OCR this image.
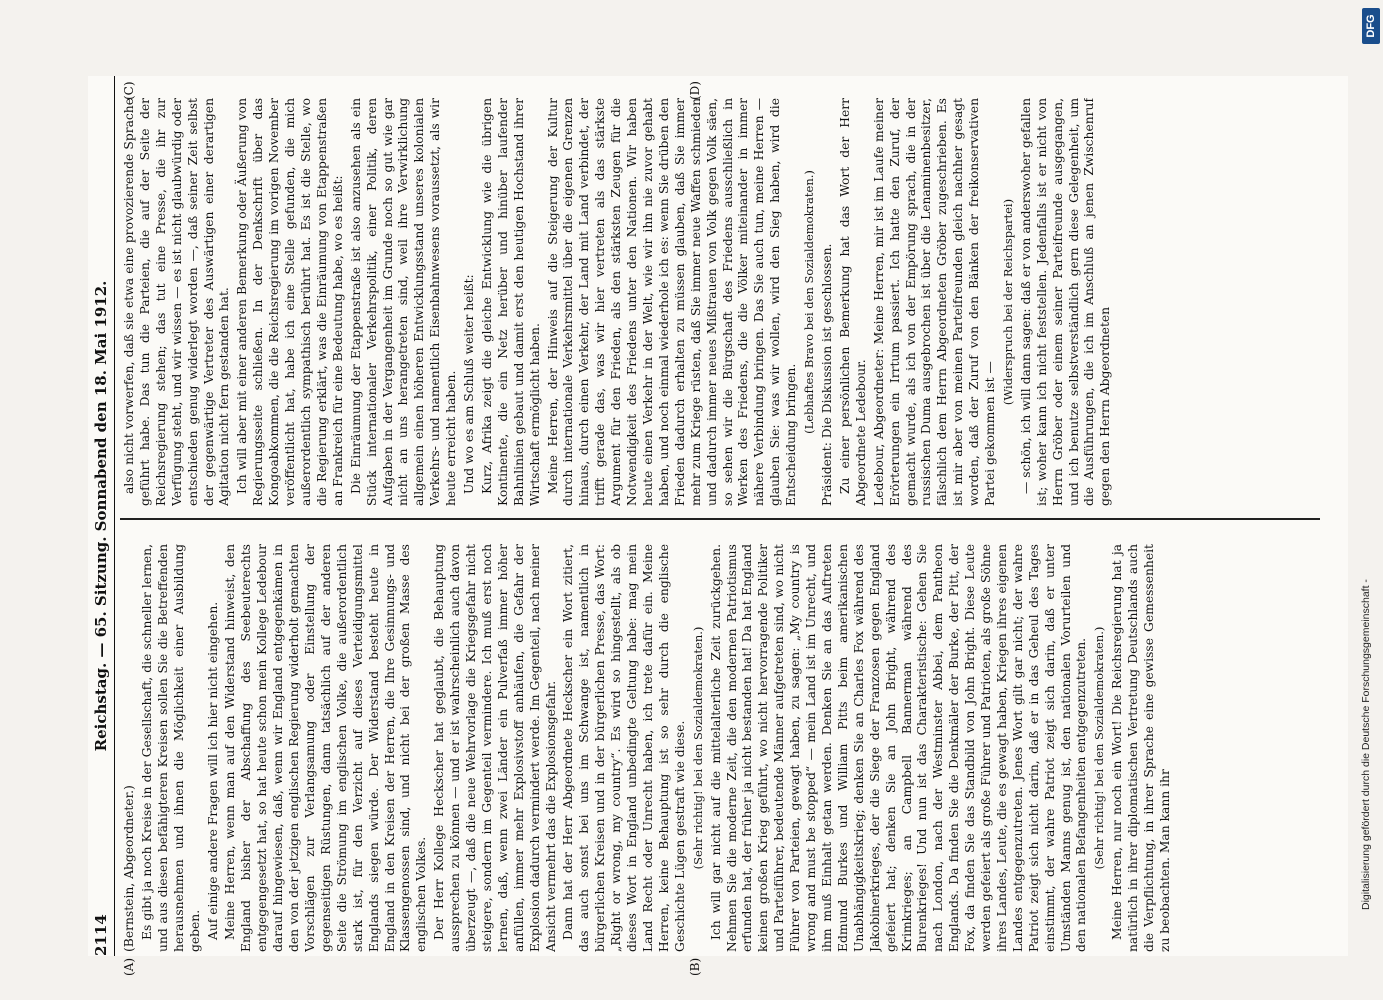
2114
Reichstag. — 65. Sitzung. Sonnabend den 18. Mai 1912.
(A)	(B)
(C)	(D)

(Bernstein, Abgeordneter.) Es gibt ja noch Kreise in der Gesellschaft, die schneller lernen, und aus diesen befähigteren Kreisen sollen Sie die Betreffenden herausnehmen und ihnen die Möglichkeit einer Ausbildung geben. Auf einige andere Fragen will ich hier nicht eingehen. Meine Herren, wenn man auf den Widerstand hinweist, den England bisher der Abschaffung des Seebeuterechts entgegengesetzt hat, so hat heute schon mein Kollege Ledebour darauf hingewiesen, daß, wenn wir England entgegenkämen in den von der jetzigen englischen Regierung widerholt gemachten Vorschlägen zur Verlangsamung oder Einstellung der gegenseitigen Rüstungen, dann tatsächlich auf der anderen Seite die Strömung im englischen Volke, die außerordentlich stark ist, für den Verzicht auf dieses Verteidigungsmittel Englands siegen würde. Der Widerstand besteht heute in England in den Kreisen der Herren, die Ihre Gesinnungs- und Klassengenossen sind, und nicht bei der großen Masse des englischen Volkes. Der Herr Kollege Heckscher hat geglaubt, die Behauptung aussprechen zu können — und er ist wahrscheinlich auch davon überzeugt —, daß die neue Wehrvorlage die Kriegsgefahr nicht steigere, sondern im Gegenteil vermindere. Ich muß erst noch lernen, daß, wenn zwei Länder ein Pulverfaß immer höher anfüllen, immer mehr Explosivstoff anhäufen, die Gefahr der Explosion dadurch vermindert werde. Im Gegenteil, nach meiner Ansicht vermehrt das die Explosionsgefahr. Dann hat der Herr Abgeordnete Heckscher ein Wort zitiert, das auch sonst bei uns im Schwange ist, namentlich in bürgerlichen Kreisen und in der bürgerlichen Presse, das Wort: „Right or wrong, my country“. Es wird so hingestellt, als ob dieses Wort in England unbedingte Geltung habe: mag mein Land Recht oder Unrecht haben, ich trete dafür ein. Meine Herren, keine Behauptung ist so sehr durch die englische Geschichte Lügen gestraft wie diese. (Sehr richtig! bei den Sozialdemokraten.) Ich will gar nicht auf die mittelalterliche Zeit zurückgehen. Nehmen Sie die moderne Zeit, die den modernen Patriotismus erfunden hat, der früher ja nicht bestanden hat! Da hat England keinen großen Krieg geführt, wo nicht hervorragende Politiker und Parteiführer, bedeutende Männer aufgetreten sind, wo nicht Führer von Parteien, gewagt haben, zu sagen: „My country is wrong and must be stopped“ — mein Land ist im Unrecht, und ihm muß Einhalt getan werden. Denken Sie an das Auftreten Edmund Burkes und William Pitts beim amerikanischen Unabhängigkeitskrieg; denken Sie an Charles Fox während des Jakobinerkrieges, der die Siege der Franzosen gegen England gefeiert hat; denken Sie an John Bright, während des Krimkrieges; an Campbell Bannerman während des Burenkrieges! Und nun ist das Charakteristische: Gehen Sie nach London, nach der Westminster Abbei, dem Pantheon Englands. Da finden Sie die Denkmäler der Burke, der Pitt, der Fox, da finden Sie das Standbild von John Bright. Diese Leute werden gefeiert als große Führer und Patrioten, als große Söhne ihres Landes, Leute, die es gewagt haben, Kriegen ihres eigenen Landes entgegenzutreten. Jenes Wort gilt gar nicht; der wahre Patriot zeigt sich nicht darin, daß er in das Geheul des Tages einstimmt, der wahre Patriot zeigt sich darin, daß er unter Umständen Manns genug ist, den nationalen Vorurteilen und den nationalen Befangenheiten entgegenzutreten. (Sehr richtig! bei den Sozialdemokraten.) Meine Herren, nur noch ein Wort! Die Reichsregierung hat ja natürlich in ihrer diplomatischen Vertretung Deutschlands auch die Verpflichtung, in ihrer Sprache eine gewisse Gemessenheit zu beobachten. Man kann ihr

also nicht vorwerfen, daß sie etwa eine provozierende Sprache geführt habe. Das tun die Parteien, die auf der Seite der Reichsregierung stehen; das tut eine Presse, die ihr zur Verfügung steht, und wir wissen — es ist nicht glaubwürdig oder entschieden genug widerlegt worden —, daß seiner Zeit selbst der gegenwärtige Vertreter des Auswärtigen einer derartigen Agitation nicht fern gestanden hat. Ich will aber mit einer anderen Bemerkung oder Äußerung von Regierungsseite schließen. In der Denkschrift über das Kongoabkommen, die die Reichsregierung im vorigen November veröffentlicht hat, habe ich eine Stelle gefunden, die mich außerordentlich sympathisch berührt hat. Es ist die Stelle, wo die Regierung erklärt, was die Einräumung von Etappenstraßen an Frankreich für eine Bedeutung habe, wo es heißt: Die Einräumung der Etappenstraße ist also anzusehen als ein Stück internationaler Verkehrspolitik, einer Politik, deren Aufgaben in der Vergangenheit im Grunde noch so gut wie gar nicht an uns herangetreten sind, weil ihre Verwirklichung allgemein einen höheren Entwicklungsstand unseres kolonialen Verkehrs- und namentlich Eisenbahnwesens voraussetzt, als wir heute erreicht haben. Und wo es am Schluß weiter heißt: Kurz, Afrika zeigt die gleiche Entwicklung wie die übrigen Kontinente, die ein Netz herüber und hinüber laufender Bahnlinien gebaut und damit erst den heutigen Hochstand ihrer Wirtschaft ermöglicht haben. Meine Herren, der Hinweis auf die Steigerung der Kultur durch internationale Verkehrsmittel über die eigenen Grenzen hinaus, durch einen Verkehr, der Land mit Land verbindet, der trifft gerade das, was wir hier vertreten als das stärkste Argument für den Frieden, als den stärksten Zeugen für die Notwendigkeit des Friedens unter den Nationen. Wir haben heute einen Verkehr in der Welt, wie wir ihn nie zuvor gehabt haben, und noch einmal wiederhole ich es: wenn Sie drüben den Frieden dadurch erhalten zu müssen glauben, daß Sie immer mehr zum Kriege rüsten, daß Sie immer neue Waffen schmieden und dadurch immer neues Mißtrauen von Volk gegen Volk säen, so sehen wir die Bürgschaft des Friedens ausschließlich in Werken des Friedens, die die Völker miteinander in immer nähere Verbindung bringen. Das Sie auch tun, meine Herren — glauben Sie: was wir wollen, wird den Sieg haben, wird die Entscheidung bringen.

(Lebhaftes Bravo bei den Sozialdemokraten.) Präsident: Die Diskussion ist geschlossen. Zu einer persönlichen Bemerkung hat das Wort der Herr Abgeordnete Ledebour. Ledebour, Abgeordneter: Meine Herren, mir ist im Laufe meiner Erörterungen ein Irrtum passiert. Ich hatte den Zuruf, der gemacht wurde, als ich von der Empörung sprach, die in der russischen Duma ausgebrochen ist über die Lenaminenbesitzer, fälschlich dem Herrn Abgeordneten Gröber zugeschrieben. Es ist mir aber von meinen Parteifreunden gleich nachher gesagt worden, daß der Zuruf von den Bänken der freikonservativen Partei gekommen ist —

(Widerspruch bei der Reichspartei) — schön, ich will dann sagen: daß er von anderswoher gefallen ist; woher kann ich nicht feststellen. Jedenfalls ist er nicht von Herrn Gröber oder einem seiner Parteifreunde ausgegangen, und ich benutze selbstverständlich gern diese Gelegenheit, um die Ausführungen, die ich im Anschluß an jenen Zwischenruf gegen den Herrn Abgeordneten

DFG
Digitalisierung gefördert durch die Deutsche Forschungsgemeinschaft -
